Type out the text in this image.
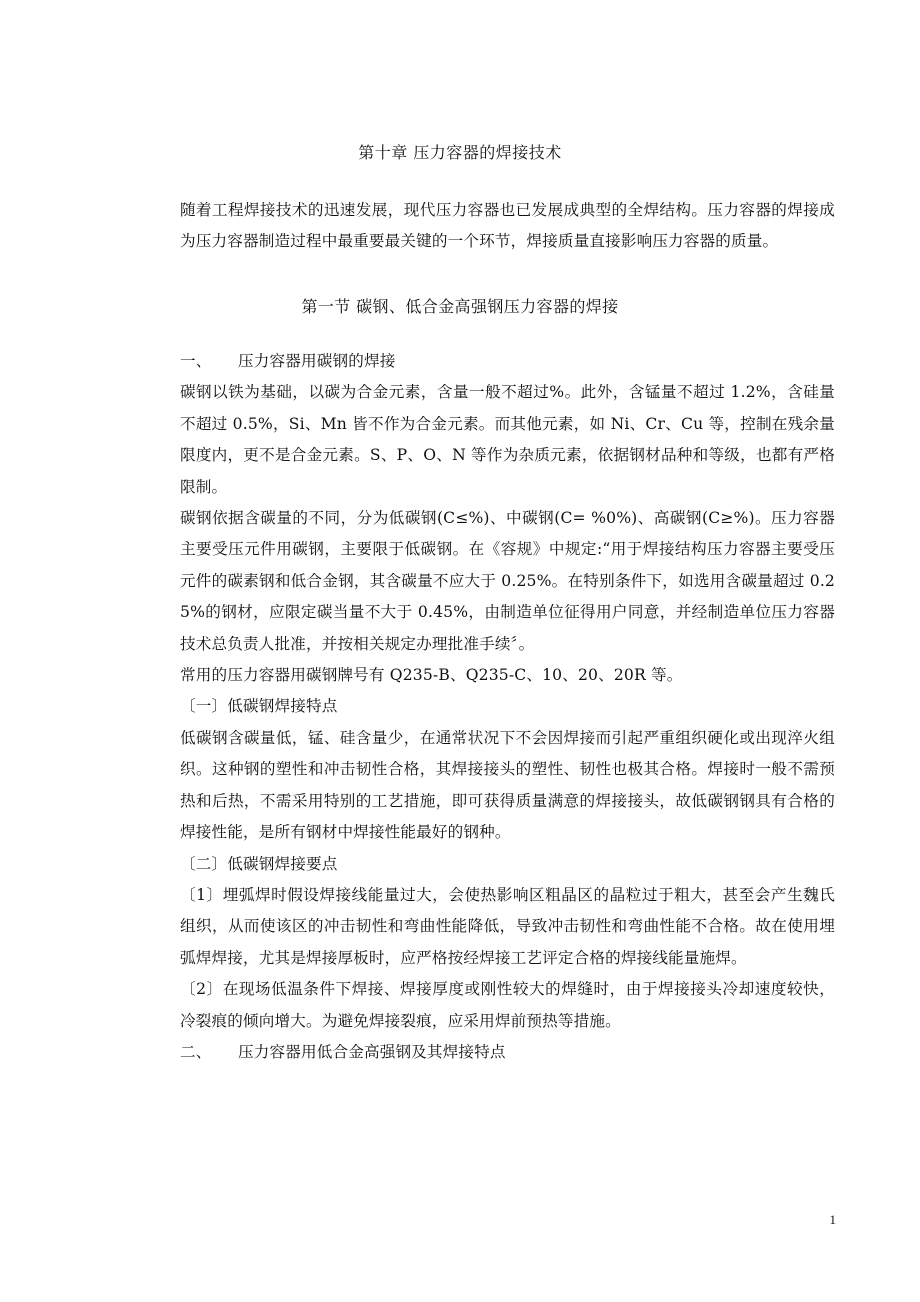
第十章 压力容器的焊接技术

随着工程焊接技术的迅速发展，现代压力容器也已发展成典型的全焊结构。压力容器的焊接成为压力容器制造过程中最重要最关键的一个环节，焊接质量直接影响压力容器的质量。

第一节 碳钢、低合金高强钢压力容器的焊接

一、 压力容器用碳钢的焊接

碳钢以铁为基础，以碳为合金元素，含量一般不超过%。此外，含锰量不超过 1.2%，含硅量不超过 0.5%，Si、Mn 皆不作为合金元素。而其他元素，如 Ni、Cr、Cu 等，控制在残余量限度内，更不是合金元素。S、P、O、N 等作为杂质元素，依据钢材品种和等级，也都有严格限制。

碳钢依据含碳量的不同，分为低碳钢(C≤%)、中碳钢(C= %0%)、高碳钢(C≥%)。压力容器主要受压元件用碳钢，主要限于低碳钢。在《容规》中规定:“用于焊接结构压力容器主要受压元件的碳素钢和低合金钢，其含碳量不应大于 0.25%。在特别条件下，如选用含碳量超过 0.25%的钢材，应限定碳当量不大于 0.45%，由制造单位征得用户同意，并经制造单位压力容器技术总负责人批准，并按相关规定办理批准手续〞。

常用的压力容器用碳钢牌号有 Q235-B、Q235-C、10、20、20R 等。

〔一〕低碳钢焊接特点

低碳钢含碳量低，锰、硅含量少，在通常状况下不会因焊接而引起严重组织硬化或出现淬火组织。这种钢的塑性和冲击韧性合格，其焊接接头的塑性、韧性也极其合格。焊接时一般不需预热和后热，不需采用特别的工艺措施，即可获得质量满意的焊接接头，故低碳钢钢具有合格的焊接性能，是所有钢材中焊接性能最好的钢种。

〔二〕低碳钢焊接要点

〔1〕埋弧焊时假设焊接线能量过大，会使热影响区粗晶区的晶粒过于粗大，甚至会产生魏氏组织，从而使该区的冲击韧性和弯曲性能降低，导致冲击韧性和弯曲性能不合格。故在使用埋弧焊焊接，尤其是焊接厚板时，应严格按经焊接工艺评定合格的焊接线能量施焊。

〔2〕在现场低温条件下焊接、焊接厚度或刚性较大的焊缝时，由于焊接接头冷却速度较快，冷裂痕的倾向增大。为避免焊接裂痕，应采用焊前预热等措施。

二、 压力容器用低合金高强钢及其焊接特点

1
